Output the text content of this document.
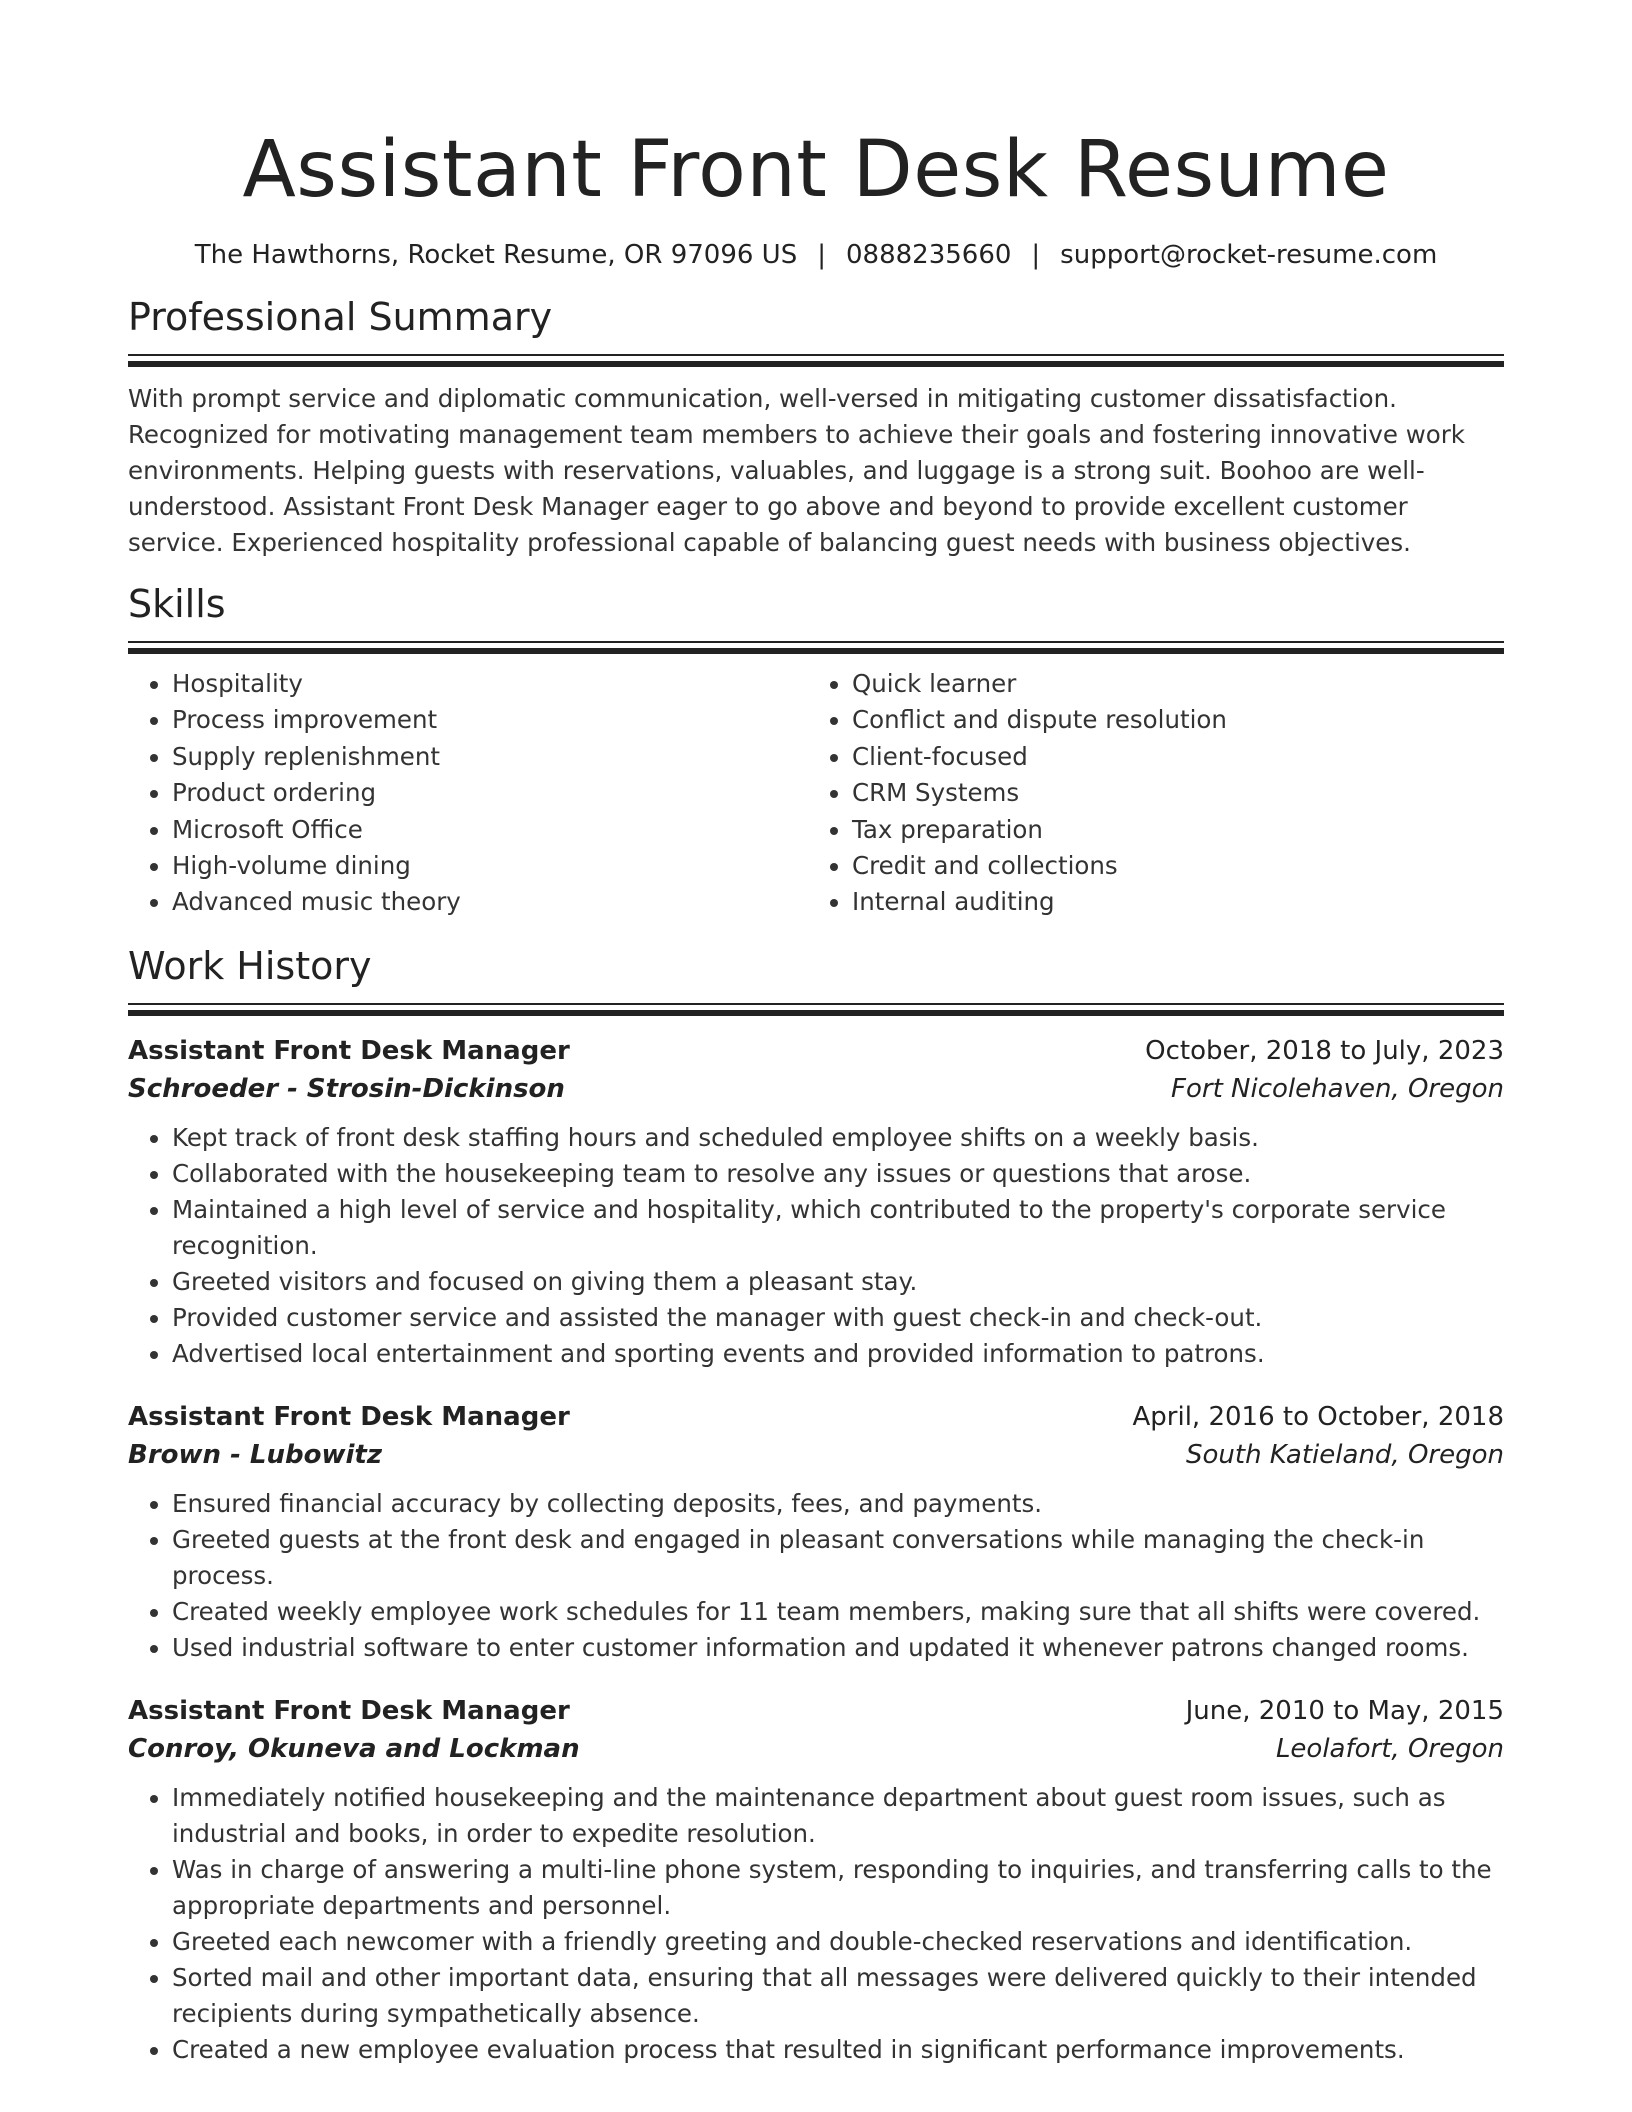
Assistant Front Desk Resume
The Hawthorns, Rocket Resume, OR 97096 US | 0888235660 | support@rocket-resume.com
Professional Summary
With prompt service and diplomatic communication, well-versed in mitigating customer dissatisfaction. Recognized for motivating management team members to achieve their goals and fostering innovative work environments. Helping guests with reservations, valuables, and luggage is a strong suit. Boohoo are well-understood. Assistant Front Desk Manager eager to go above and beyond to provide excellent customer service. Experienced hospitality professional capable of balancing guest needs with business objectives.
Skills
• Hospitality
• Process improvement
• Supply replenishment
• Product ordering
• Microsoft Office
• High-volume dining
• Advanced music theory
• Quick learner
• Conflict and dispute resolution
• Client-focused
• CRM Systems
• Tax preparation
• Credit and collections
• Internal auditing
Work History
Assistant Front Desk Manager	October, 2018 to July, 2023
Schroeder - Strosin-Dickinson	Fort Nicolehaven, Oregon
• Kept track of front desk staffing hours and scheduled employee shifts on a weekly basis.
• Collaborated with the housekeeping team to resolve any issues or questions that arose.
• Maintained a high level of service and hospitality, which contributed to the property's corporate service recognition.
• Greeted visitors and focused on giving them a pleasant stay.
• Provided customer service and assisted the manager with guest check-in and check-out.
• Advertised local entertainment and sporting events and provided information to patrons.
Assistant Front Desk Manager	April, 2016 to October, 2018
Brown - Lubowitz	South Katieland, Oregon
• Ensured financial accuracy by collecting deposits, fees, and payments.
• Greeted guests at the front desk and engaged in pleasant conversations while managing the check-in process.
• Created weekly employee work schedules for 11 team members, making sure that all shifts were covered.
• Used industrial software to enter customer information and updated it whenever patrons changed rooms.
Assistant Front Desk Manager	June, 2010 to May, 2015
Conroy, Okuneva and Lockman	Leolafort, Oregon
• Immediately notified housekeeping and the maintenance department about guest room issues, such as industrial and books, in order to expedite resolution.
• Was in charge of answering a multi-line phone system, responding to inquiries, and transferring calls to the appropriate departments and personnel.
• Greeted each newcomer with a friendly greeting and double-checked reservations and identification.
• Sorted mail and other important data, ensuring that all messages were delivered quickly to their intended recipients during sympathetically absence.
• Created a new employee evaluation process that resulted in significant performance improvements.
